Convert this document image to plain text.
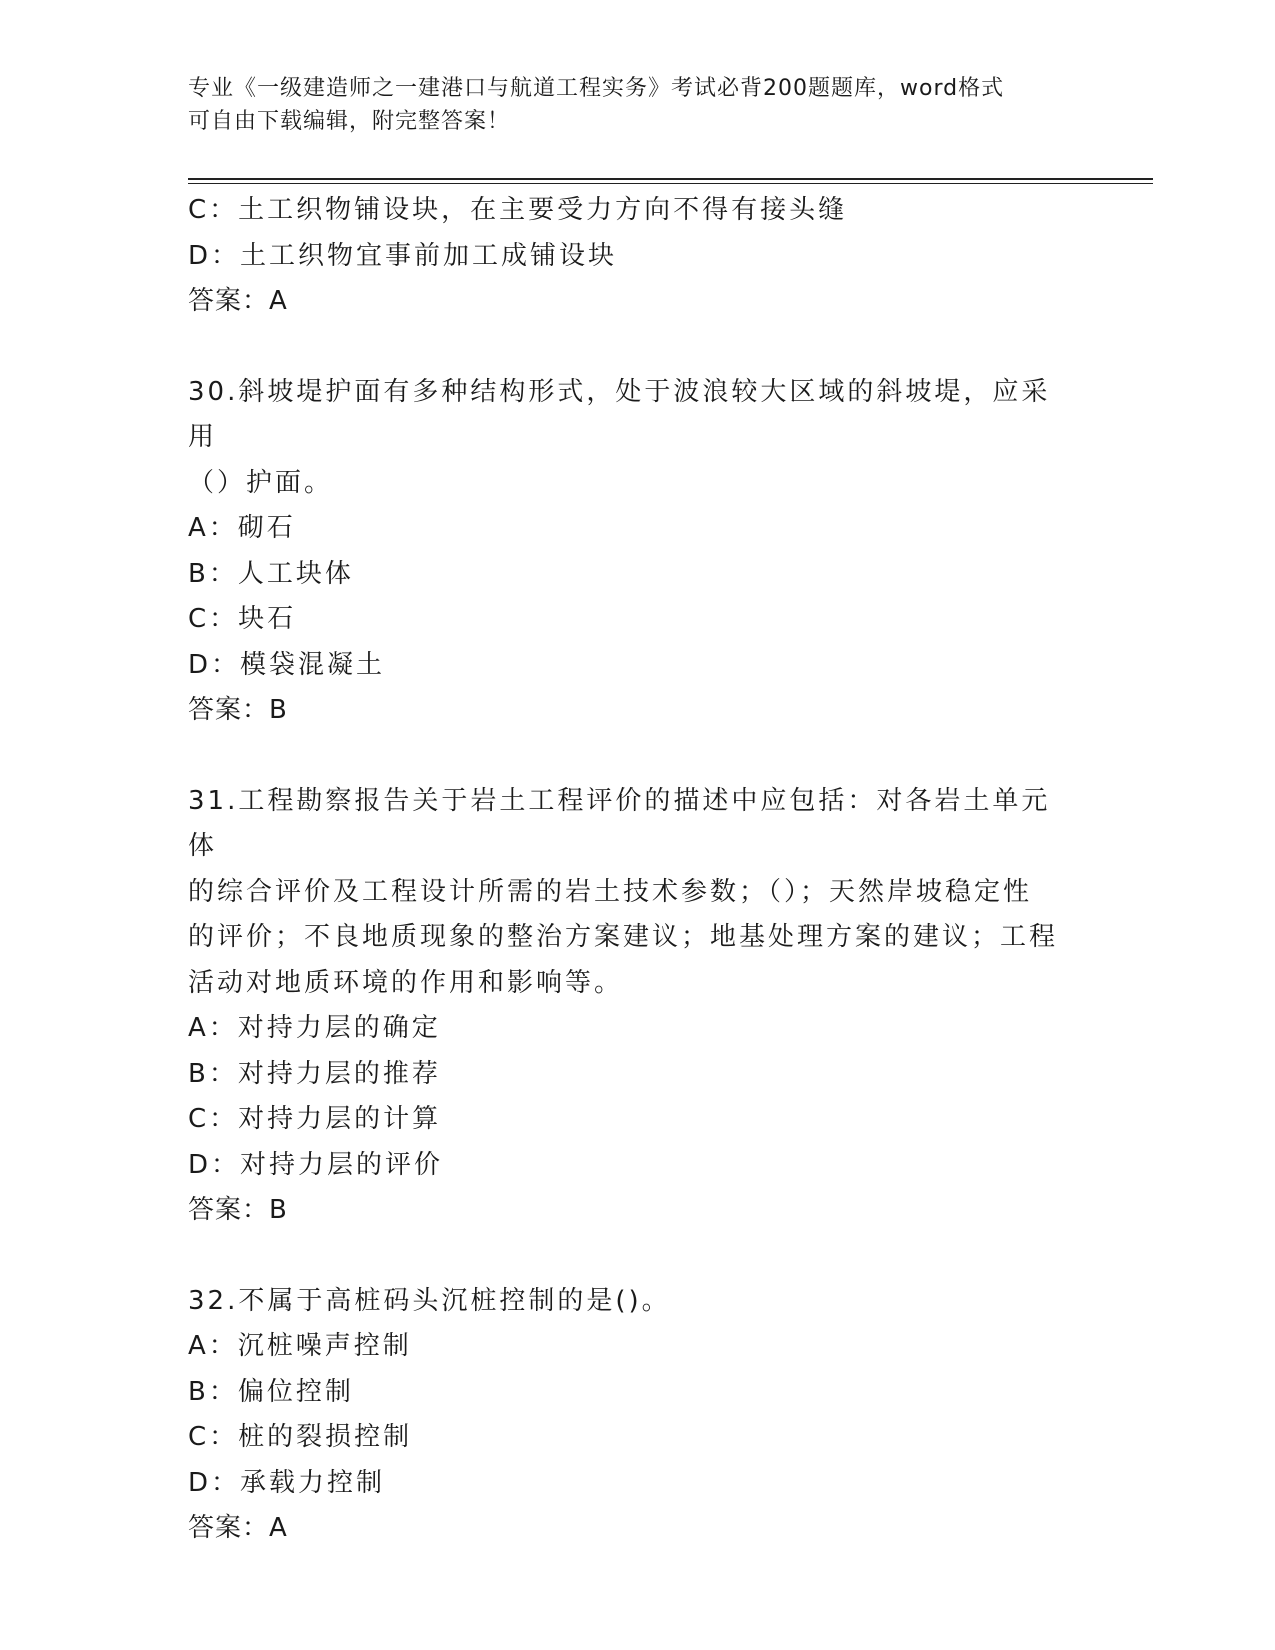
专业《一级建造师之一建港口与航道工程实务》考试必背200题题库，word格式
可自由下载编辑，附完整答案！
C：土工织物铺设块，在主要受力方向不得有接头缝
D：土工织物宜事前加工成铺设块
答案：A
30.斜坡堤护面有多种结构形式，处于波浪较大区域的斜坡堤，应采用
（）护面。
A：砌石
B：人工块体
C：块石
D：模袋混凝土
答案：B
31.工程勘察报告关于岩土工程评价的描述中应包括：对各岩土单元体
的综合评价及工程设计所需的岩土技术参数；（）；天然岸坡稳定性
的评价；不良地质现象的整治方案建议；地基处理方案的建议；工程
活动对地质环境的作用和影响等。
A：对持力层的确定
B：对持力层的推荐
C：对持力层的计算
D：对持力层的评价
答案：B
32.不属于高桩码头沉桩控制的是()。
A：沉桩噪声控制
B：偏位控制
C：桩的裂损控制
D：承载力控制
答案：A
